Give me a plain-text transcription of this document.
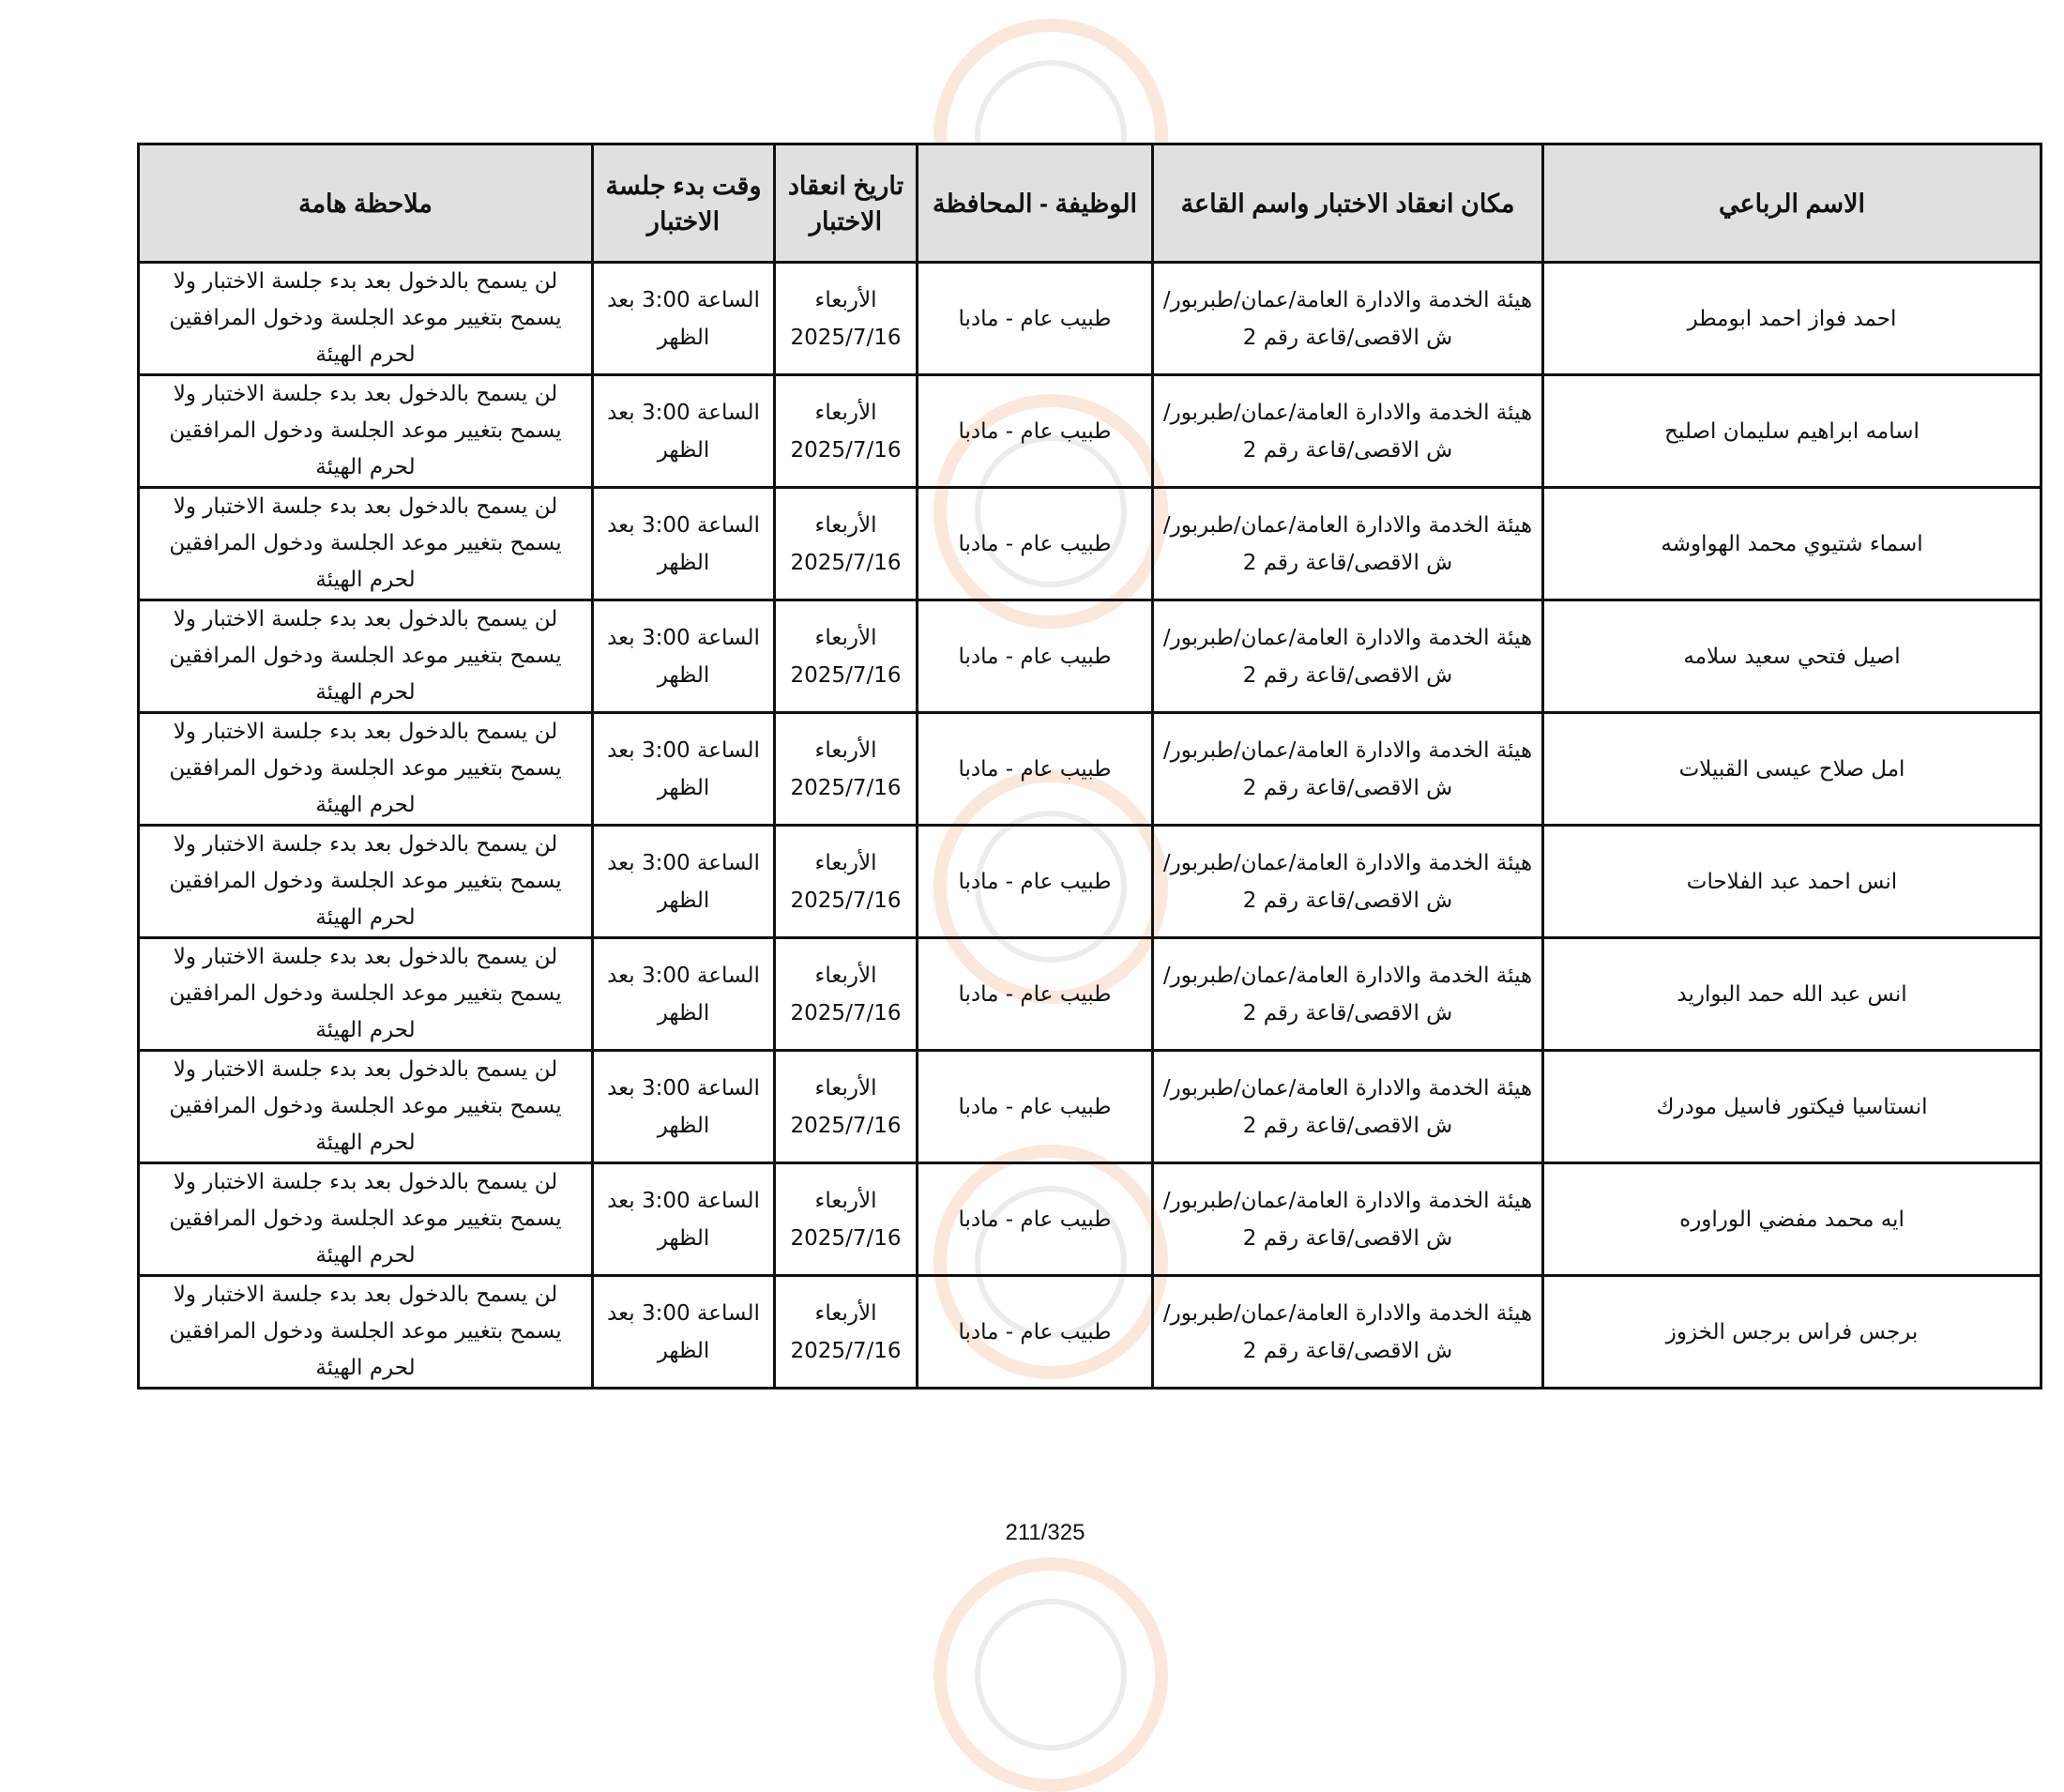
الاسم الرباعي	مكان انعقاد الاختبار واسم القاعة	الوظيفة - المحافظة	تاريخ انعقاد الاختبار	وقت بدء جلسة الاختبار	ملاحظة هامة
احمد فواز احمد ابومطر	هيئة الخدمة والادارة العامة/عمان/طبربور/ش الاقصى/قاعة رقم 2	طبيب عام - مادبا	الأربعاء 2025/7/16	الساعة 3:00 بعد الظهر	لن يسمح بالدخول بعد بدء جلسة الاختبار ولا يسمح بتغيير موعد الجلسة ودخول المرافقين لحرم الهيئة
اسامه ابراهيم سليمان اصليح	هيئة الخدمة والادارة العامة/عمان/طبربور/ش الاقصى/قاعة رقم 2	طبيب عام - مادبا	الأربعاء 2025/7/16	الساعة 3:00 بعد الظهر	لن يسمح بالدخول بعد بدء جلسة الاختبار ولا يسمح بتغيير موعد الجلسة ودخول المرافقين لحرم الهيئة
اسماء شتيوي محمد الهواوشه	هيئة الخدمة والادارة العامة/عمان/طبربور/ش الاقصى/قاعة رقم 2	طبيب عام - مادبا	الأربعاء 2025/7/16	الساعة 3:00 بعد الظهر	لن يسمح بالدخول بعد بدء جلسة الاختبار ولا يسمح بتغيير موعد الجلسة ودخول المرافقين لحرم الهيئة
اصيل فتحي سعيد سلامه	هيئة الخدمة والادارة العامة/عمان/طبربور/ش الاقصى/قاعة رقم 2	طبيب عام - مادبا	الأربعاء 2025/7/16	الساعة 3:00 بعد الظهر	لن يسمح بالدخول بعد بدء جلسة الاختبار ولا يسمح بتغيير موعد الجلسة ودخول المرافقين لحرم الهيئة
امل صلاح عيسى القبيلات	هيئة الخدمة والادارة العامة/عمان/طبربور/ش الاقصى/قاعة رقم 2	طبيب عام - مادبا	الأربعاء 2025/7/16	الساعة 3:00 بعد الظهر	لن يسمح بالدخول بعد بدء جلسة الاختبار ولا يسمح بتغيير موعد الجلسة ودخول المرافقين لحرم الهيئة
انس احمد عبد الفلاحات	هيئة الخدمة والادارة العامة/عمان/طبربور/ش الاقصى/قاعة رقم 2	طبيب عام - مادبا	الأربعاء 2025/7/16	الساعة 3:00 بعد الظهر	لن يسمح بالدخول بعد بدء جلسة الاختبار ولا يسمح بتغيير موعد الجلسة ودخول المرافقين لحرم الهيئة
انس عبد الله حمد البواريد	هيئة الخدمة والادارة العامة/عمان/طبربور/ش الاقصى/قاعة رقم 2	طبيب عام - مادبا	الأربعاء 2025/7/16	الساعة 3:00 بعد الظهر	لن يسمح بالدخول بعد بدء جلسة الاختبار ولا يسمح بتغيير موعد الجلسة ودخول المرافقين لحرم الهيئة
انستاسيا فيكتور فاسيل مودرك	هيئة الخدمة والادارة العامة/عمان/طبربور/ش الاقصى/قاعة رقم 2	طبيب عام - مادبا	الأربعاء 2025/7/16	الساعة 3:00 بعد الظهر	لن يسمح بالدخول بعد بدء جلسة الاختبار ولا يسمح بتغيير موعد الجلسة ودخول المرافقين لحرم الهيئة
ايه محمد مفضي الوراوره	هيئة الخدمة والادارة العامة/عمان/طبربور/ش الاقصى/قاعة رقم 2	طبيب عام - مادبا	الأربعاء 2025/7/16	الساعة 3:00 بعد الظهر	لن يسمح بالدخول بعد بدء جلسة الاختبار ولا يسمح بتغيير موعد الجلسة ودخول المرافقين لحرم الهيئة
برجس فراس برجس الخزوز	هيئة الخدمة والادارة العامة/عمان/طبربور/ش الاقصى/قاعة رقم 2	طبيب عام - مادبا	الأربعاء 2025/7/16	الساعة 3:00 بعد الظهر	لن يسمح بالدخول بعد بدء جلسة الاختبار ولا يسمح بتغيير موعد الجلسة ودخول المرافقين لحرم الهيئة
211/325
